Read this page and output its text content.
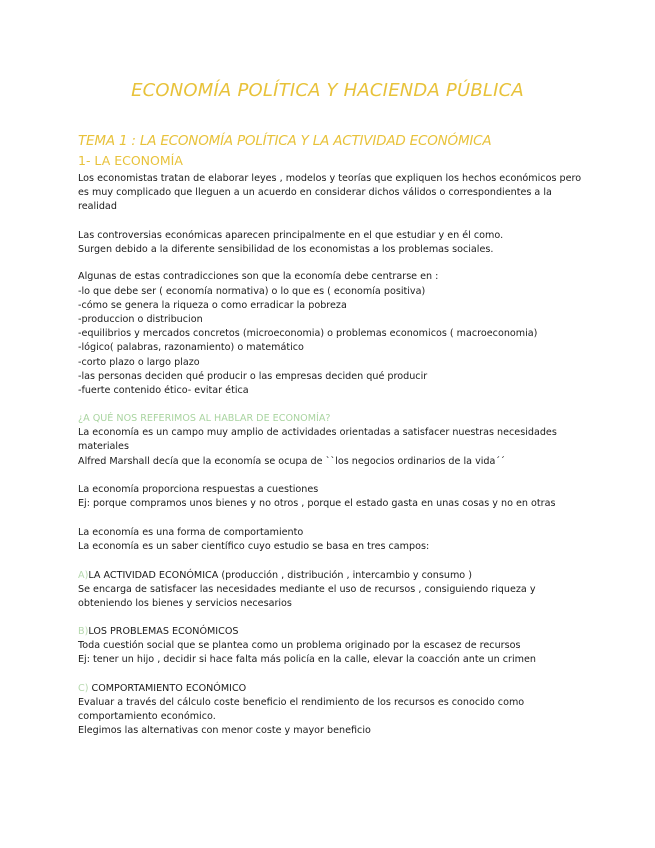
ECONOMÍA POLÍTICA Y HACIENDA PÚBLICA
TEMA 1 : LA ECONOMÍA POLÍTICA Y LA ACTIVIDAD ECONÓMICA
1- LA ECONOMÍA
Los economistas tratan de elaborar leyes , modelos y teorías que expliquen los hechos económicos pero
es muy complicado que lleguen a un acuerdo en considerar dichos válidos o correspondientes a la
realidad
Las controversias económicas aparecen principalmente en el que estudiar y en él como.
Surgen debido a la diferente sensibilidad de los economistas a los problemas sociales.
Algunas de estas contradicciones son que la economía debe centrarse en :
-lo que debe ser ( economía normativa) o lo que es ( economía positiva)
-cómo se genera la riqueza o como erradicar la pobreza
-produccion o distribucion
-equilibrios y mercados concretos (microeconomia) o problemas economicos ( macroeconomia)
-lógico( palabras, razonamiento) o matemático
-corto plazo o largo plazo
-las personas deciden qué producir o las empresas deciden qué producir
-fuerte contenido ético- evitar ética
¿A QUÉ NOS REFERIMOS AL HABLAR DE ECONOMÍA?
La economía es un campo muy amplio de actividades orientadas a satisfacer nuestras necesidades
materiales
Alfred Marshall decía que la economía se ocupa de ``los negocios ordinarios de la vida´´
La economía proporciona respuestas a cuestiones
Ej: porque compramos unos bienes y no otros , porque el estado gasta en unas cosas y no en otras
La economía es una forma de comportamiento
La economía es un saber científico cuyo estudio se basa en tres campos:
A)LA ACTIVIDAD ECONÓMICA (producción , distribución , intercambio y consumo )
Se encarga de satisfacer las necesidades mediante el uso de recursos , consiguiendo riqueza y
obteniendo los bienes y servicios necesarios
B)LOS PROBLEMAS ECONÓMICOS
Toda cuestión social que se plantea como un problema originado por la escasez de recursos
Ej: tener un hijo , decidir si hace falta más policía en la calle, elevar la coacción ante un crimen
C) COMPORTAMIENTO ECONÓMICO
Evaluar a través del cálculo coste beneficio el rendimiento de los recursos es conocido como
comportamiento económico.
Elegimos las alternativas con menor coste y mayor beneficio
